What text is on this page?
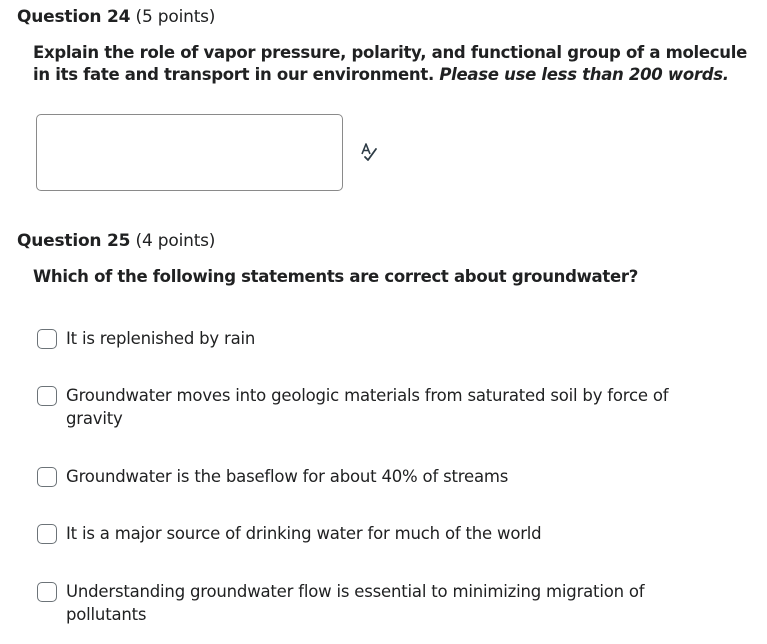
Question 24 (5 points)
Explain the role of vapor pressure, polarity, and functional group of a molecule in its fate and transport in our environment. Please use less than 200 words.
Question 25 (4 points)
Which of the following statements are correct about groundwater?
It is replenished by rain
Groundwater moves into geologic materials from saturated soil by force of gravity
Groundwater is the baseflow for about 40% of streams
It is a major source of drinking water for much of the world
Understanding groundwater flow is essential to minimizing migration of pollutants
